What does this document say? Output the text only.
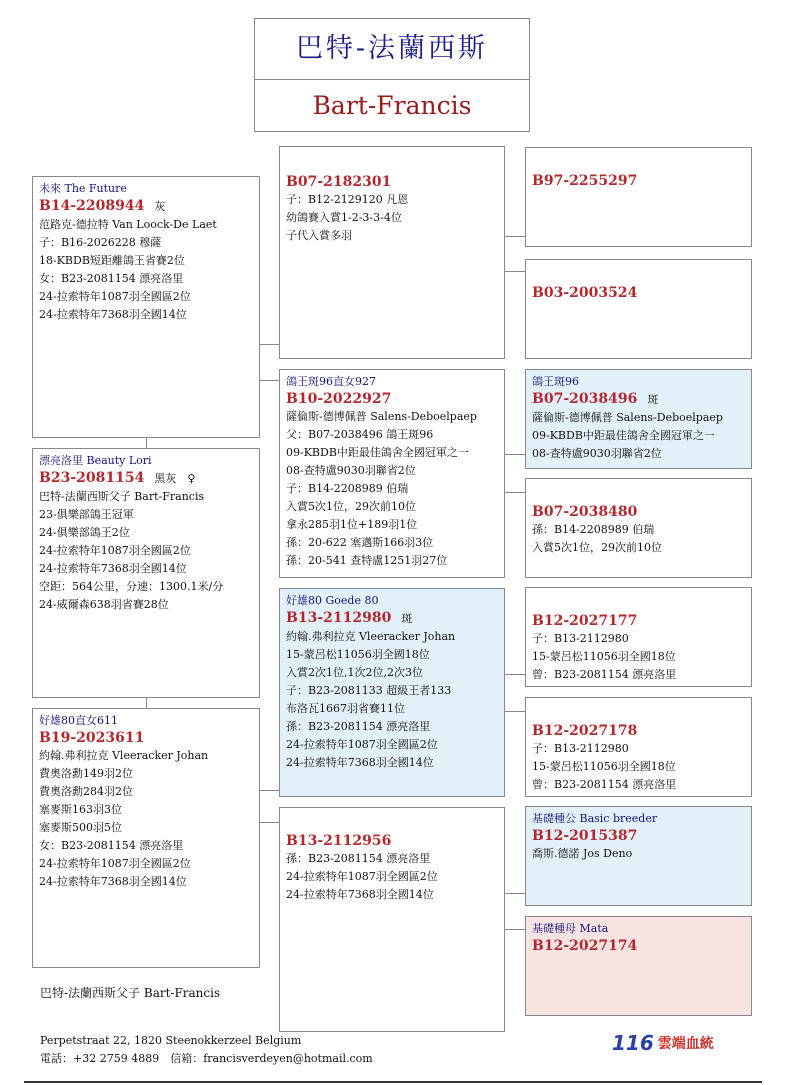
巴特-法蘭西斯
Bart-Francis
未來 The Future
B14-2208944 灰
范路克-德拉特 Van Loock-De Laet
子：B16-2026228 穆薩
18-KBDB短距離鴿王省賽2位
女：B23-2081154 漂亮洛里
24-拉索特年1087羽全國區2位
24-拉索特年7368羽全國14位
漂亮洛里 Beauty Lori
B23-2081154 黑灰　♀
巴特-法蘭西斯父子 Bart-Francis
23-俱樂部鴿王冠軍
24-俱樂部鴿王2位
24-拉索特年1087羽全國區2位
24-拉索特年7368羽全國14位
空距：564公里，分速：1300.1米/分
24-威爾森638羽省賽28位
好雄80直女611
B19-2023611
約翰.弗利拉克 Vleeracker Johan
費奧洛勳149羽2位
費奧洛勳284羽2位
塞麥斯163羽3位
塞麥斯500羽5位
女：B23-2081154 漂亮洛里
24-拉索特年1087羽全國區2位
24-拉索特年7368羽全國14位
B07-2182301
子：B12-2129120 凡恩
幼鴿賽入賞1-2-3-3-4位
子代入賞多羽
鴿王斑96直女927
B10-2022927
薩倫斯-德博佩普 Salens-Deboelpaep
父：B07-2038496 鴿王斑96
09-KBDB中距最佳鴿舍全國冠軍之一
08-查特盧9030羽聯省2位
子：B14-2208989 伯瑞
入賞5次1位，29次前10位
拿永285羽1位+189羽1位
孫：20-622 塞邁斯166羽3位
孫：20-541 查特盧1251羽27位
好雄80 Goede 80
B13-2112980 斑
約翰.弗利拉克 Vleeracker Johan
15-蒙呂松11056羽全國18位
入賞2次1位,1次2位,2次3位
子：B23-2081133 超級王者133
布洛瓦1667羽省賽11位
孫：B23-2081154 漂亮洛里
24-拉索特年1087羽全國區2位
24-拉索特年7368羽全國14位
B13-2112956
孫：B23-2081154 漂亮洛里
24-拉索特年1087羽全國區2位
24-拉索特年7368羽全國14位
B97-2255297
B03-2003524
鴿王斑96
B07-2038496 斑
薩倫斯-德博佩普 Salens-Deboelpaep
09-KBDB中距最佳鴿舍全國冠軍之一
08-查特盧9030羽聯省2位
B07-2038480
孫：B14-2208989 伯瑞
入賞5次1位，29次前10位
B12-2027177
子：B13-2112980
15-蒙呂松11056羽全國18位
曾：B23-2081154 漂亮洛里
B12-2027178
子：B13-2112980
15-蒙呂松11056羽全國18位
曾：B23-2081154 漂亮洛里
基礎種公 Basic breeder
B12-2015387
喬斯.德諾 Jos Deno
基礎種母 Mata
B12-2027174
巴特-法蘭西斯父子 Bart-Francis
Perpetstraat 22, 1820 Steenokkerzeel Belgium
電話：+32 2759 4889　信箱：francisverdeyen@hotmail.com
116 雲端血統
